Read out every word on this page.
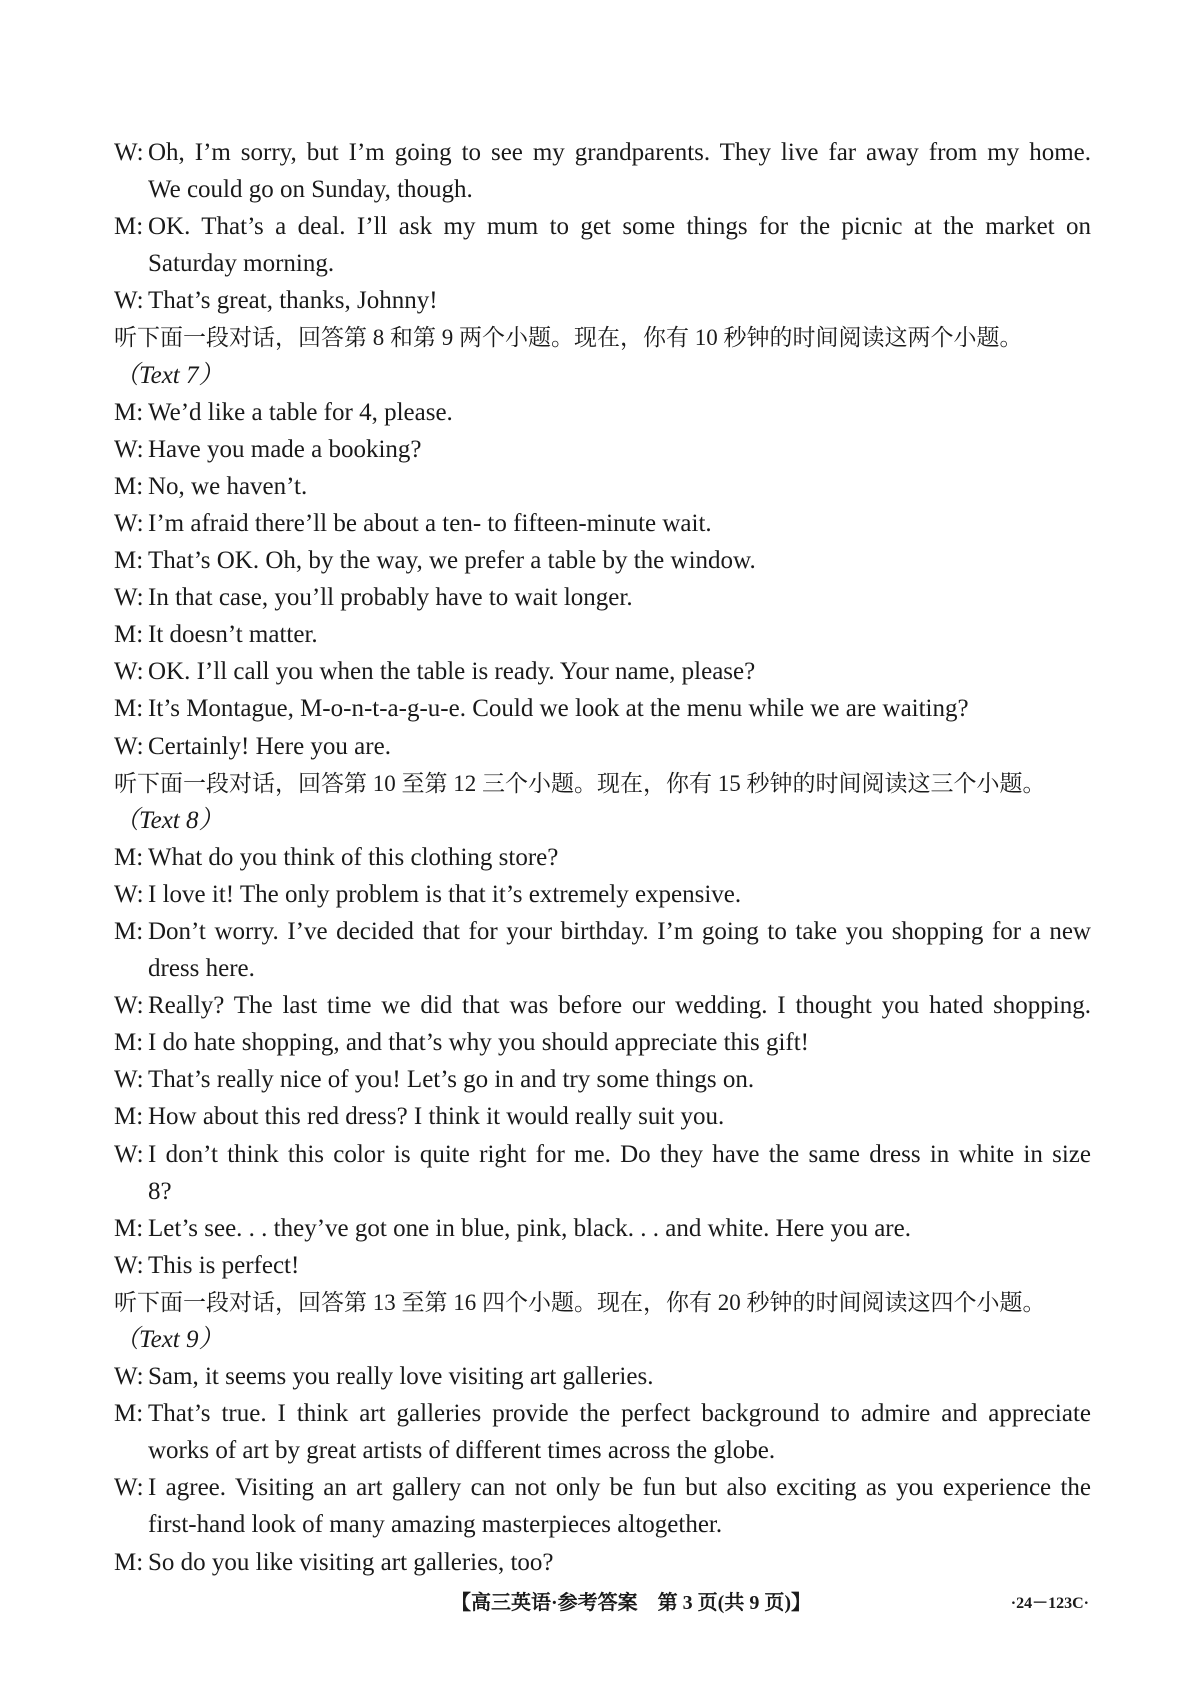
W: Oh, I’m sorry, but I’m going to see my grandparents. They live far away from my home.
We could go on Sunday, though.
M: OK. That’s a deal. I’ll ask my mum to get some things for the picnic at the market on
Saturday morning.
W: That’s great, thanks, Johnny!
听下面一段对话，回答第 8 和第 9 两个小题。现在，你有 10 秒钟的时间阅读这两个小题。
（Text 7）
M: We’d like a table for 4, please.
W: Have you made a booking?
M: No, we haven’t.
W: I’m afraid there’ll be about a ten- to fifteen-minute wait.
M: That’s OK. Oh, by the way, we prefer a table by the window.
W: In that case, you’ll probably have to wait longer.
M: It doesn’t matter.
W: OK. I’ll call you when the table is ready. Your name, please?
M: It’s Montague, M-o-n-t-a-g-u-e. Could we look at the menu while we are waiting?
W: Certainly! Here you are.
听下面一段对话，回答第 10 至第 12 三个小题。现在，你有 15 秒钟的时间阅读这三个小题。
（Text 8）
M: What do you think of this clothing store?
W: I love it! The only problem is that it’s extremely expensive.
M: Don’t worry. I’ve decided that for your birthday. I’m going to take you shopping for a new
dress here.
W: Really? The last time we did that was before our wedding. I thought you hated shopping.
M: I do hate shopping, and that’s why you should appreciate this gift!
W: That’s really nice of you! Let’s go in and try some things on.
M: How about this red dress? I think it would really suit you.
W: I don’t think this color is quite right for me. Do they have the same dress in white in size
8?
M: Let’s see. . . they’ve got one in blue, pink, black. . . and white. Here you are.
W: This is perfect!
听下面一段对话，回答第 13 至第 16 四个小题。现在，你有 20 秒钟的时间阅读这四个小题。
（Text 9）
W: Sam, it seems you really love visiting art galleries.
M: That’s true. I think art galleries provide the perfect background to admire and appreciate
works of art by great artists of different times across the globe.
W: I agree. Visiting an art gallery can not only be fun but also exciting as you experience the
first-hand look of many amazing masterpieces altogether.
M: So do you like visiting art galleries, too?
【高三英语·参考答案　第 3 页(共 9 页)】	·24－123C·
